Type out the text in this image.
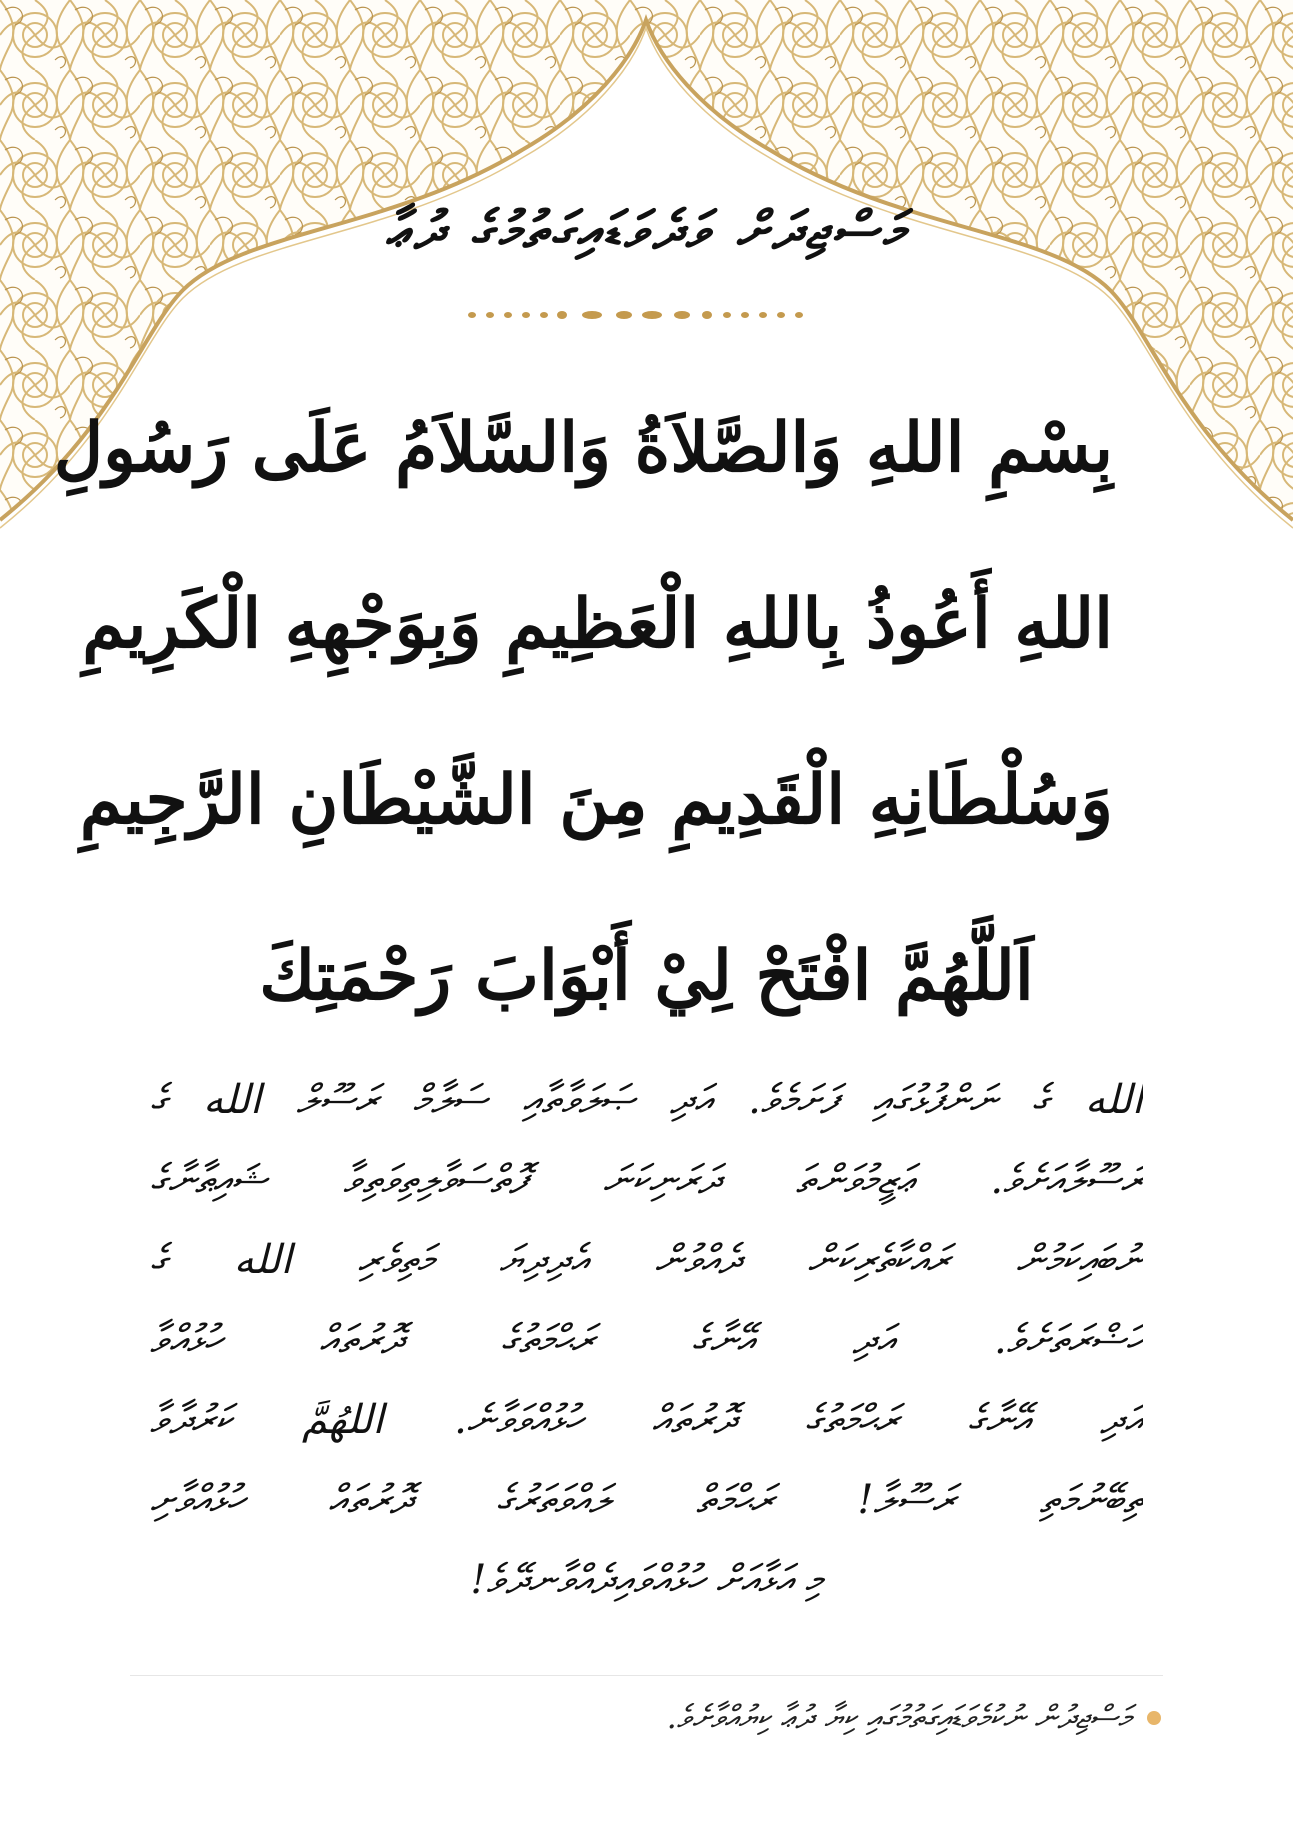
މަސްޖިދަށް ވަދެވަޑައިގަތުމުގެ ދުޢާ
بِسْمِ اللهِ وَالصَّلاَةُ وَالسَّلاَمُ عَلَى رَسُولِ
اللهِ أَعُوذُ بِاللهِ الْعَظِيمِ وَبِوَجْهِهِ الْكَرِيمِ
وَسُلْطَانِهِ الْقَدِيمِ مِنَ الشَّيْطَانِ الرَّجِيمِ
اَللَّهُمَّ افْتَحْ لِيْ أَبْوَابَ رَحْمَتِكَ
الله ގެ ނަންފުޅުގައި ފަށަމެވެ. އަދި ޞަލަވާތާއި ސަލާމް ރަސޫލް الله ގެ
ރަސޫލާއަށެވެ. ޢަޒީމުވަންތަ ދަރަނިކަނަ ފޮތްސަވާލިތިވަތިވާ ޝައިޠާނާގެ
ނުބައިކަމުން ރައްކާތެރިކަން ދެއްވުން އެދިދިޔަ މަތިވެރި الله ގެ
ހަޟްރަތަށެވެ. އަދި އޭނާގެ ރަޙްމަތުގެ ދޮރުތައް ހުޅުއްވާ
އަދި އޭނާގެ ރަޙްމަތުގެ ދޮރުތައް ހުޅުއްވަވާނެ. اللهُمَّ ކަރުދާވާ
ތިބޭނުމަތި ރަސޫލާ! ރަޙްމަތް ލައްވަތަރުގެ ދޮރުތައް ހުޅުއްވާށި
މި އަޅާއަށް ހުޅުއްވައިދެއްވާނދޭވެ!
މަސްޖިދުން ނުކުމެވަޑައިގަތުމުގައި ކިޔާ ދުޢާ ކިޔުއްވާށެވެ.
